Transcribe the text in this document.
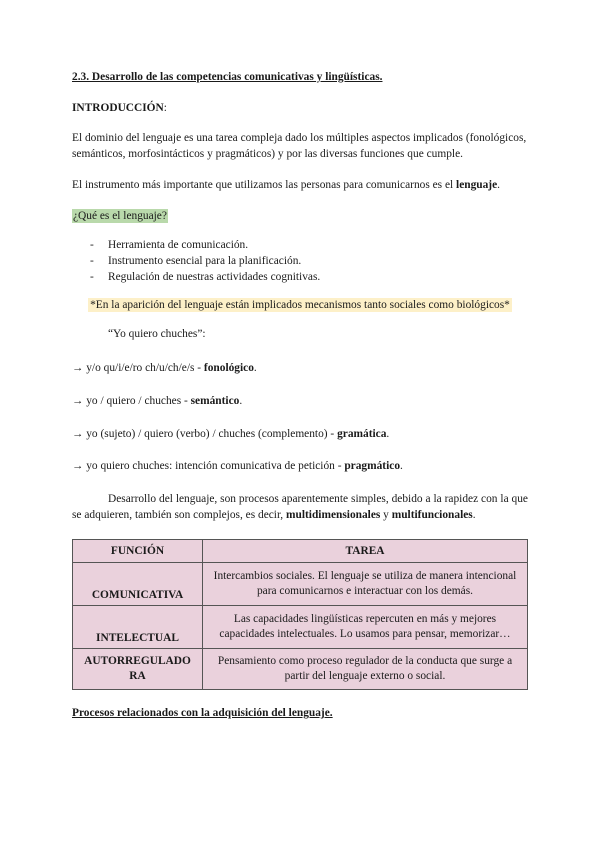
2.3. Desarrollo de las competencias comunicativas y lingüísticas.

INTRODUCCIÓN:

El dominio del lenguaje es una tarea compleja dado los múltiples aspectos implicados (fonológicos, semánticos, morfosintácticos y pragmáticos) y por las diversas funciones que cumple.

El instrumento más importante que utilizamos las personas para comunicarnos es el lenguaje.

¿Qué es el lenguaje?

- Herramienta de comunicación.
- Instrumento esencial para la planificación.
- Regulación de nuestras actividades cognitivas.

*En la aparición del lenguaje están implicados mecanismos tanto sociales como biológicos*

“Yo quiero chuches”:

→ y/o qu/i/e/ro ch/u/ch/e/s - fonológico.

→ yo / quiero / chuches - semántico.

→ yo (sujeto) / quiero (verbo) / chuches (complemento) - gramática.

→ yo quiero chuches: intención comunicativa de petición - pragmático.

Desarrollo del lenguaje, son procesos aparentemente simples, debido a la rapidez con la que se adquieren, también son complejos, es decir, multidimensionales y multifuncionales.

FUNCIÓN	TAREA
COMUNICATIVA	Intercambios sociales. El lenguaje se utiliza de manera intencional para comunicarnos e interactuar con los demás.
INTELECTUAL	Las capacidades lingüísticas repercuten en más y mejores capacidades intelectuales. Lo usamos para pensar, memorizar…
AUTORREGULADO RA	Pensamiento como proceso regulador de la conducta que surge a partir del lenguaje externo o social.

Procesos relacionados con la adquisición del lenguaje.
